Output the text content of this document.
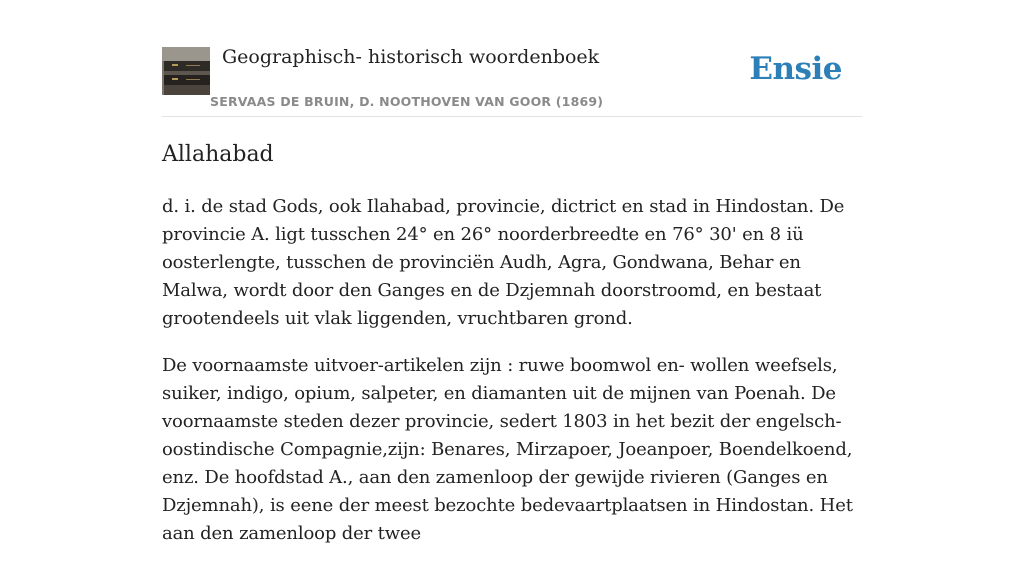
Geographisch- historisch woordenboek
SERVAAS DE BRUIN, D. NOOTHOVEN VAN GOOR (1869)
Ensie
Allahabad

d. i. de stad Gods, ook Ilahabad, provincie, dictrict en stad in Hindostan. De provincie A. ligt tusschen 24° en 26° noorderbreedte en 76° 30' en 8 iü oosterlengte, tusschen de provinciën Audh, Agra, Gondwana, Behar en Malwa, wordt door den Ganges en de Dzjemnah doorstroomd, en bestaat grootendeels uit vlak liggenden, vruchtbaren grond.

De voornaamste uitvoer-artikelen zijn : ruwe boomwol en- wollen weefsels, suiker, indigo, opium, salpeter, en diamanten uit de mijnen van Poenah. De voornaamste steden dezer provincie, sedert 1803 in het bezit der engelsch-oostindische Compagnie,zijn: Benares, Mirzapoer, Joeanpoer, Boendelkoend, enz. De hoofdstad A., aan den zamenloop der gewijde rivieren (Ganges en Dzjemnah), is eene der meest bezochte bedevaartplaatsen in Hindostan. Het aan den zamenloop der twee
